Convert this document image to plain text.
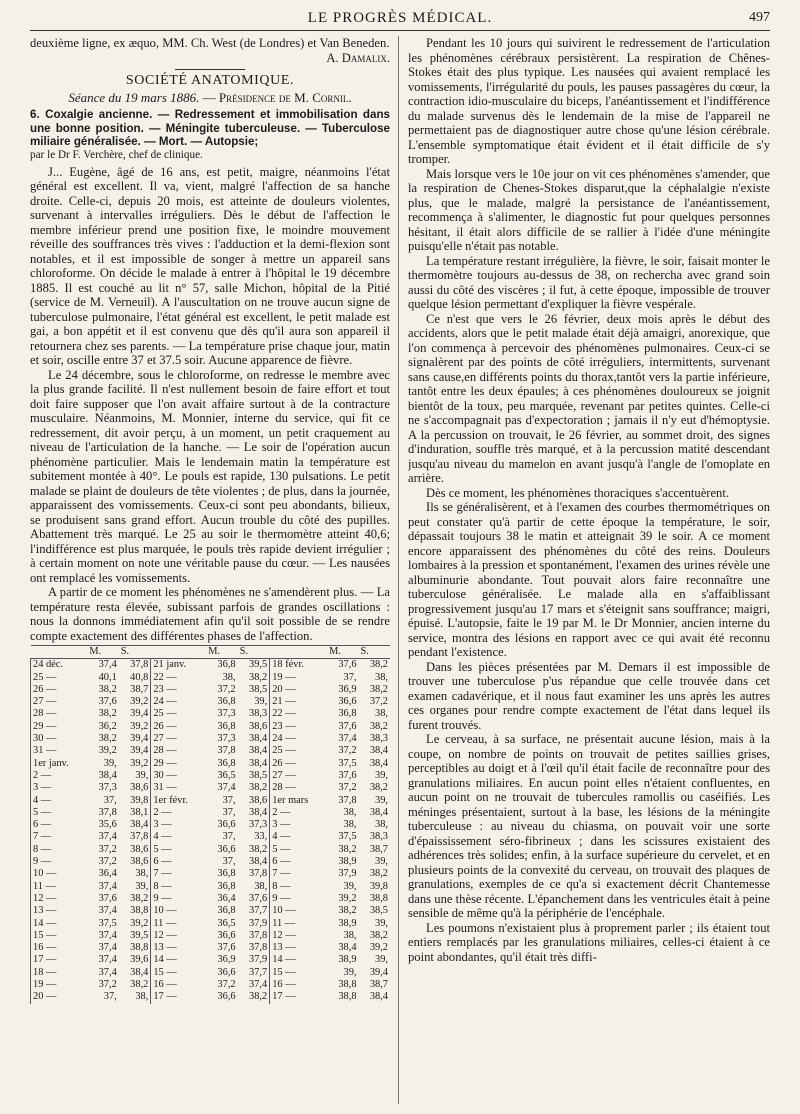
LE PROGRÈS MÉDICAL.	497

deuxième ligne, ex æquo, MM. Ch. West (de Londres) et Van Beneden.

A. Damalix.
SOCIÉTÉ ANATOMIQUE.
Séance du 19 mars 1886. — Présidence de M. Cornil.
6. Coxalgie ancienne. — Redressement et immobilisation dans une bonne position. — Méningite tuberculeuse. — Tuberculose miliaire généralisée. — Mort. — Autopsie;
par le Dr F. Verchère, chef de clinique.

J... Eugène, âgé de 16 ans, est petit, maigre, néanmoins l'état général est excellent. Il va, vient, malgré l'affection de sa hanche droite. Celle-ci, depuis 20 mois, est atteinte de douleurs violentes, survenant à intervalles irréguliers. Dès le début de l'affection le membre inférieur prend une position fixe, le moindre mouvement réveille des souffrances très vives : l'adduction et la demi-flexion sont notables, et il est impossible de songer à mettre un appareil sans chloroforme. On décide le malade à entrer à l'hôpital le 19 décembre 1885. Il est couché au lit n° 57, salle Michon, hôpital de la Pitié (service de M. Verneuil). A l'auscultation on ne trouve aucun signe de tuberculose pulmonaire, l'état général est excellent, le petit malade est gai, a bon appétit et il est convenu que dès qu'il aura son appareil il retournera chez ses parents. — La température prise chaque jour, matin et soir, oscille entre 37 et 37.5 soir. Aucune apparence de fièvre.

Le 24 décembre, sous le chloroforme, on redresse le membre avec la plus grande facilité. Il n'est nullement besoin de faire effort et tout doit faire supposer que l'on avait affaire surtout à de la contracture musculaire. Néanmoins, M. Monnier, interne du service, qui fit ce redressement, dit avoir perçu, à un moment, un petit craquement au niveau de l'articulation de la hanche. — Le soir de l'opération aucun phénomène particulier. Mais le lendemain matin la température est subitement montée à 40°. Le pouls est rapide, 130 pulsations. Le petit malade se plaint de douleurs de tête violentes ; de plus, dans la journée, apparaissent des vomissements. Ceux-ci sont peu abondants, bilieux, se produisent sans grand effort. Aucun trouble du côté des pupilles. Abattement très marqué. Le 25 au soir le thermomètre atteint 40,6; l'indifférence est plus marquée, le pouls très rapide devient irrégulier ; à certain moment on note une véritable pause du cœur. — Les nausées ont remplacé les vomissements.

A partir de ce moment les phénomènes ne s'amendèrent plus. — La température resta élevée, subissant parfois de grandes oscillations : nous la donnons immédiatement afin qu'il soit possible de se rendre compte exactement des différentes phases de l'affection.

	M.	S.		M.	S.		M.	S.
24 déc.	37,4	37,8	21 janv.	36,8	39,5	18 févr.	37,6	38,2
25 —	40,1	40,8	22 —	38,	38,2	19 —	37,	38,
26 —	38,2	38,7	23 —	37,2	38,5	20 —	36,9	38,2
27 —	37,6	39,2	24 —	36,8	39,	21 —	36,6	37,2
28 —	38,2	39,4	25 —	37,3	38,3	22 —	36,8	38,
29 —	36,2	39,2	26 —	36,8	38,6	23 —	37,6	38,2
30 —	38,2	39,4	27 —	37,3	38,4	24 —	37,4	38,3
31 —	39,2	39,4	28 —	37,8	38,4	25 —	37,2	38,4
1er janv.	39,	39,2	29 —	36,8	38,4	26 —	37,5	38,4
2 —	38,4	39,	30 —	36,5	38,5	27 —	37,6	39,
3 —	37,3	38,6	31 —	37,4	38,2	28 —	37,2	38,2
4 —	37,	39,8	1er févr.	37,	38,6	1er mars	37,8	39,
5 —	37,8	38,1	2 —	37,	38,4	2 —	38,	38,4
6 —	35,6	38,4	3 —	36,6	37,3	3 —	38,	38,
7 —	37,4	37,8	4 —	37,	33,	4 —	37,5	38,3
8 —	37,2	38,6	5 —	36,6	38,2	5 —	38,2	38,7
9 —	37,2	38,6	6 —	37,	38,4	6 —	38,9	39,
10 —	36,4	38,	7 —	36,8	37,8	7 —	37,9	38,2
11 —	37,4	39,	8 —	36,8	38,	8 —	39,	39,8
12 —	37,6	38,2	9 —	36,4	37,6	9 —	39,2	38,8
13 —	37,4	38,8	10 —	36,8	37,7	10 —	38,2	38,5
14 —	37,5	39,2	11 —	36,5	37,9	11 —	38,9	39,
15 —	37,4	39,5	12 —	36,6	37,8	12 —	38,	38,2
16 —	37,4	38,8	13 —	37,6	37,8	13 —	38,4	39,2
17 —	37,4	39,6	14 —	36,9	37,9	14 —	38,9	39,
18 —	37,4	38,4	15 —	36,6	37,7	15 —	39,	39,4
19 —	37,2	38,2	16 —	37,2	37,4	16 —	38,8	38,7
20 —	37,	38,	17 —	36,6	38,2	17 —	38,8	38,4

Pendant les 10 jours qui suivirent le redressement de l'articulation les phénomènes cérébraux persistèrent. La respiration de Chênes-Stokes était des plus typique. Les nausées qui avaient remplacé les vomissements, l'irrégularité du pouls, les pauses passagères du cœur, la contraction idio-musculaire du biceps, l'anéantissement et l'indifférence du malade survenus dès le lendemain de la mise de l'appareil ne permettaient pas de diagnostiquer autre chose qu'une lésion cérébrale. L'ensemble symptomatique était évident et il était difficile de s'y tromper.

Mais lorsque vers le 10e jour on vit ces phénomènes s'amender, que la respiration de Chenes-Stokes disparut,que la céphalalgie n'existe plus, que le malade, malgré la persistance de l'anéantissement, recommença à s'alimenter, le diagnostic fut pour quelques personnes hésitant, il était alors difficile de se rallier à l'idée d'une méningite puisqu'elle n'était pas notable.

La température restant irrégulière, la fièvre, le soir, faisait monter le thermomètre toujours au-dessus de 38, on rechercha avec grand soin aussi du côté des viscères ; il fut, à cette époque, impossible de trouver quelque lésion permettant d'expliquer la fièvre vespérale.

Ce n'est que vers le 26 février, deux mois après le début des accidents, alors que le petit malade était déjà amaigri, anorexique, que l'on commença à percevoir des phénomènes pulmonaires. Ceux-ci se signalèrent par des points de côté irréguliers, intermittents, survenant sans cause,en différents points du thorax,tantôt vers la partie inférieure, tantôt entre les deux épaules; à ces phénomènes douloureux se joignit bientôt de la toux, peu marquée, revenant par petites quintes. Celle-ci ne s'accompagnait pas d'expectoration ; jamais il n'y eut d'hémoptysie. A la percussion on trouvait, le 26 février, au sommet droit, des signes d'induration, souffle très marqué, et à la percussion matité descendant jusqu'au niveau du mamelon en avant jusqu'à l'angle de l'omoplate en arrière.

Dès ce moment, les phénomènes thoraciques s'accentuèrent.

Ils se généralisèrent, et à l'examen des courbes thermométriques on peut constater qu'à partir de cette époque la température, le soir, dépassait toujours 38 le matin et atteignait 39 le soir. A ce moment encore apparaissent des phénomènes du côté des reins. Douleurs lombaires à la pression et spontanément, l'examen des urines révèle une albuminurie abondante. Tout pouvait alors faire reconnaître une tuberculose généralisée. Le malade alla en s'affaiblissant progressivement jusqu'au 17 mars et s'éteignit sans souffrance; maigri, épuisé. L'autopsie, faite le 19 par M. le Dr Monnier, ancien interne du service, montra des lésions en rapport avec ce qui avait été reconnu pendant l'existence.

Dans les pièces présentées par M. Demars il est impossible de trouver une tuberculose p'us répandue que celle trouvée dans cet examen cadavérique, et il nous faut examiner les uns après les autres ces organes pour rendre compte exactement de l'état dans lequel ils furent trouvés.

Le cerveau, à sa surface, ne présentait aucune lésion, mais à la coupe, on nombre de points on trouvait de petites saillies grises, perceptibles au doigt et à l'œil qu'il était facile de reconnaître pour des granulations miliaires. En aucun point elles n'étaient confluentes, en aucun point on ne trouvait de tubercules ramollis ou caséifiés. Les méninges présentaient, surtout à la base, les lésions de la méningite tuberculeuse : au niveau du chiasma, on pouvait voir une sorte d'épaississement séro-fibrineux ; dans les scissures existaient des adhérences très solides; enfin, à la surface supérieure du cervelet, et en plusieurs points de la convexité du cerveau, on trouvait des plaques de granulations, exemples de ce qu'a si exactement décrit Chantemesse dans une thèse récente. L'épanchement dans les ventricules était à peine sensible de même qu'à la périphérie de l'encéphale.

Les poumons n'existaient plus à proprement parler ; ils étaient tout entiers remplacés par les granulations miliaires, celles-ci étaient à ce point abondantes, qu'il était très diffi-
